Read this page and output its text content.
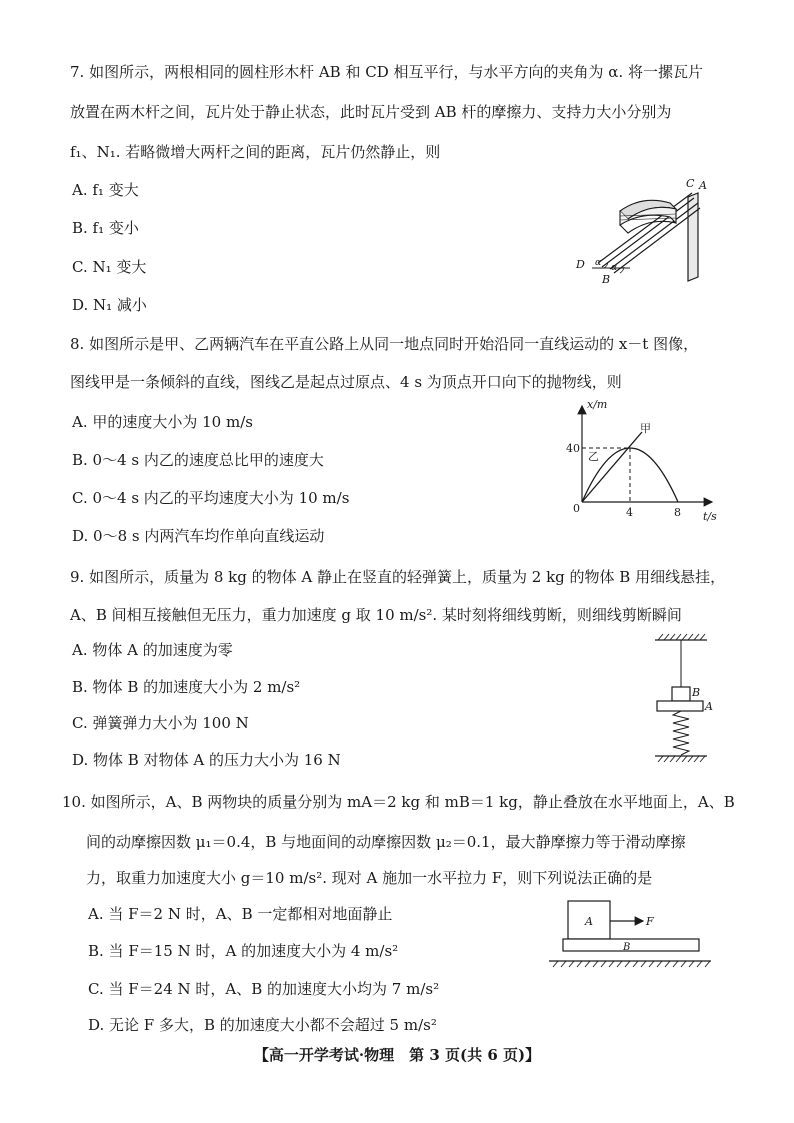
7. 如图所示，两根相同的圆柱形木杆 AB 和 CD 相互平行，与水平方向的夹角为 α. 将一摞瓦片
放置在两木杆之间，瓦片处于静止状态，此时瓦片受到 AB 杆的摩擦力、支持力大小分别为
f₁、N₁. 若略微增大两杆之间的距离，瓦片仍然静止，则
A. f₁ 变大
B. f₁ 变小
C. N₁ 变大
D. N₁ 减小
C A
D α α
B
8. 如图所示是甲、乙两辆汽车在平直公路上从同一地点同时开始沿同一直线运动的 x－t 图像，
图线甲是一条倾斜的直线，图线乙是起点过原点、4 s 为顶点开口向下的抛物线，则
A. 甲的速度大小为 10 m/s
B. 0～4 s 内乙的速度总比甲的速度大
C. 0～4 s 内乙的平均速度大小为 10 m/s
D. 0～8 s 内两汽车均作单向直线运动
x/m
t/s
0
40
4	8
甲
乙
9. 如图所示，质量为 8 kg 的物体 A 静止在竖直的轻弹簧上，质量为 2 kg 的物体 B 用细线悬挂，
A、B 间相互接触但无压力，重力加速度 g 取 10 m/s². 某时刻将细线剪断，则细线剪断瞬间
A. 物体 A 的加速度为零
B. 物体 B 的加速度大小为 2 m/s²
C. 弹簧弹力大小为 100 N
D. 物体 B 对物体 A 的压力大小为 16 N
B
A
10. 如图所示，A、B 两物块的质量分别为 mA＝2 kg 和 mB＝1 kg，静止叠放在水平地面上，A、B
间的动摩擦因数 μ₁＝0.4，B 与地面间的动摩擦因数 μ₂＝0.1，最大静摩擦力等于滑动摩擦
力，取重力加速度大小 g＝10 m/s². 现对 A 施加一水平拉力 F，则下列说法正确的是
A. 当 F＝2 N 时，A、B 一定都相对地面静止
B. 当 F＝15 N 时，A 的加速度大小为 4 m/s²
C. 当 F＝24 N 时，A、B 的加速度大小均为 7 m/s²
D. 无论 F 多大，B 的加速度大小都不会超过 5 m/s²
A	F
B
【高一开学考试·物理　第 3 页(共 6 页)】
